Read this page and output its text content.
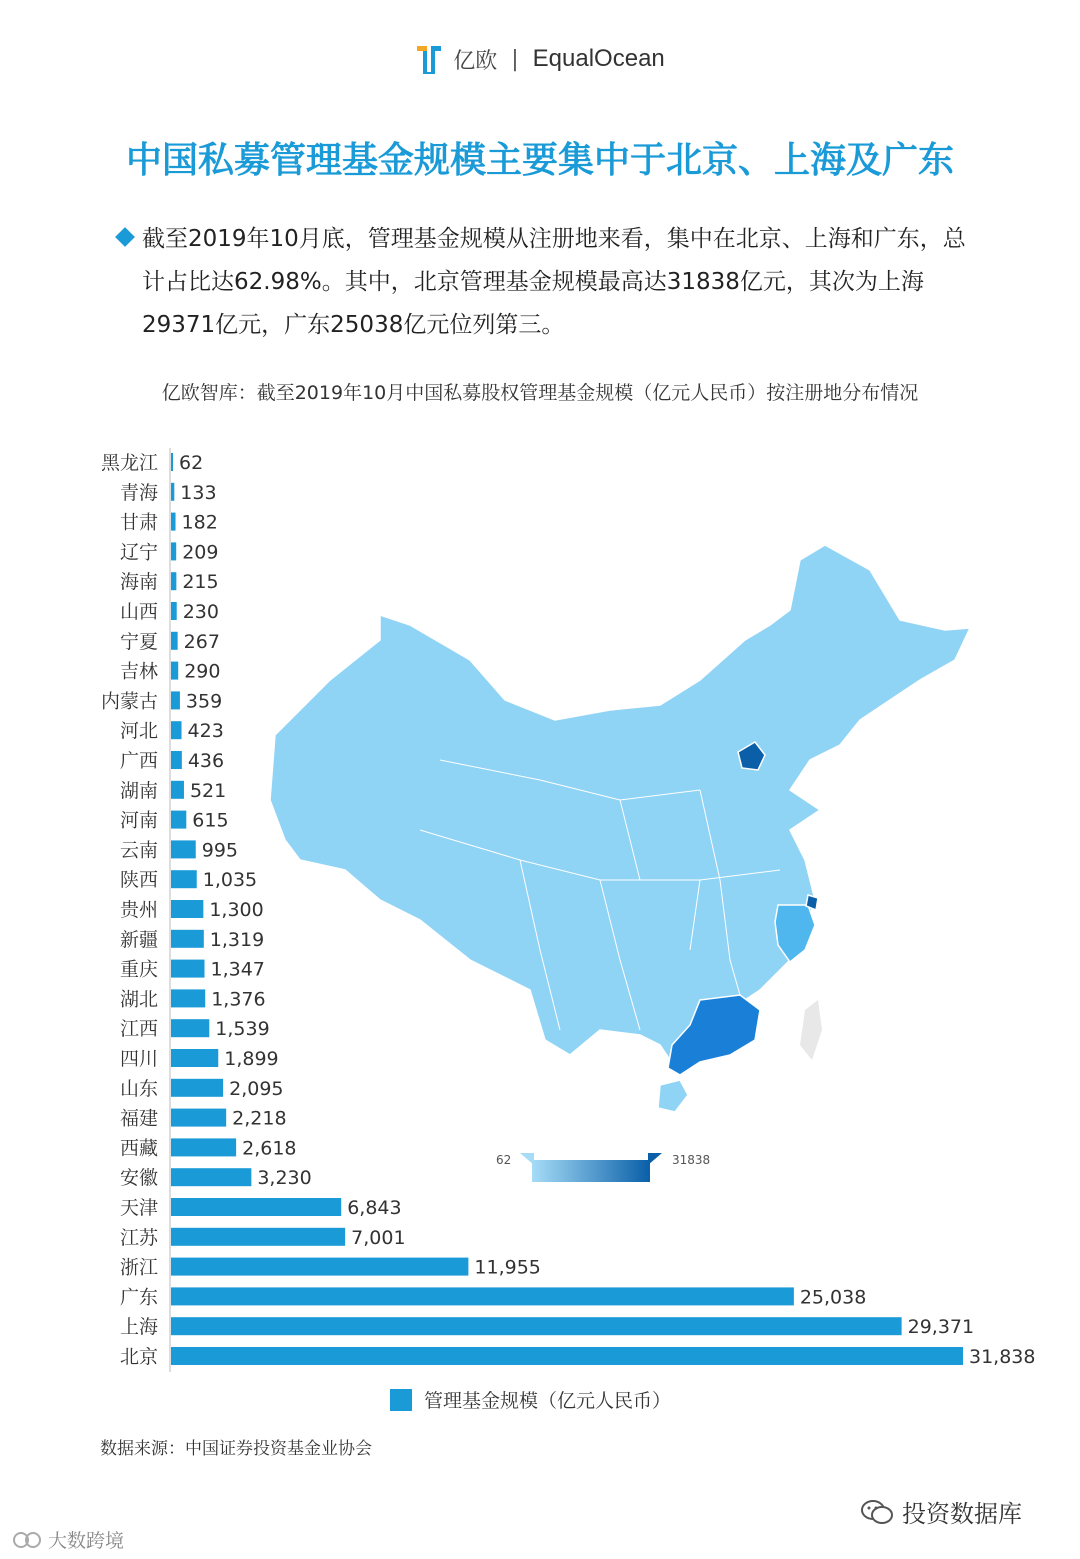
亿欧 | EqualOcean
中国私募管理基金规模主要集中于北京、上海及广东
截至2019年10月底，管理基金规模从注册地来看，集中在北京、上海和广东，总计占比达62.98%。其中，北京管理基金规模最高达31838亿元，其次为上海29371亿元，广东25038亿元位列第三。
亿欧智库：截至2019年10月中国私募股权管理基金规模（亿元人民币）按注册地分布情况
62	31838
黑龙江 62
青海 133
甘肃 182
辽宁 209
海南 215
山西 230
宁夏 267
吉林 290
内蒙古 359
河北 423
广西 436
湖南 521
河南 615
云南 995
陕西 1,035
贵州	1,300
新疆	1,319
重庆	1,347
湖北	1,376
江西	1,539
四川	1,899
山东	2,095
福建	2,218
西藏	2,618
安徽	3,230
天津	6,843
江苏	7,001
浙江	11,955
广东	25,038
上海	29,371
北京	31,838
管理基金规模（亿元人民币）
数据来源：中国证券投资基金业协会
投资数据库
大数跨境
